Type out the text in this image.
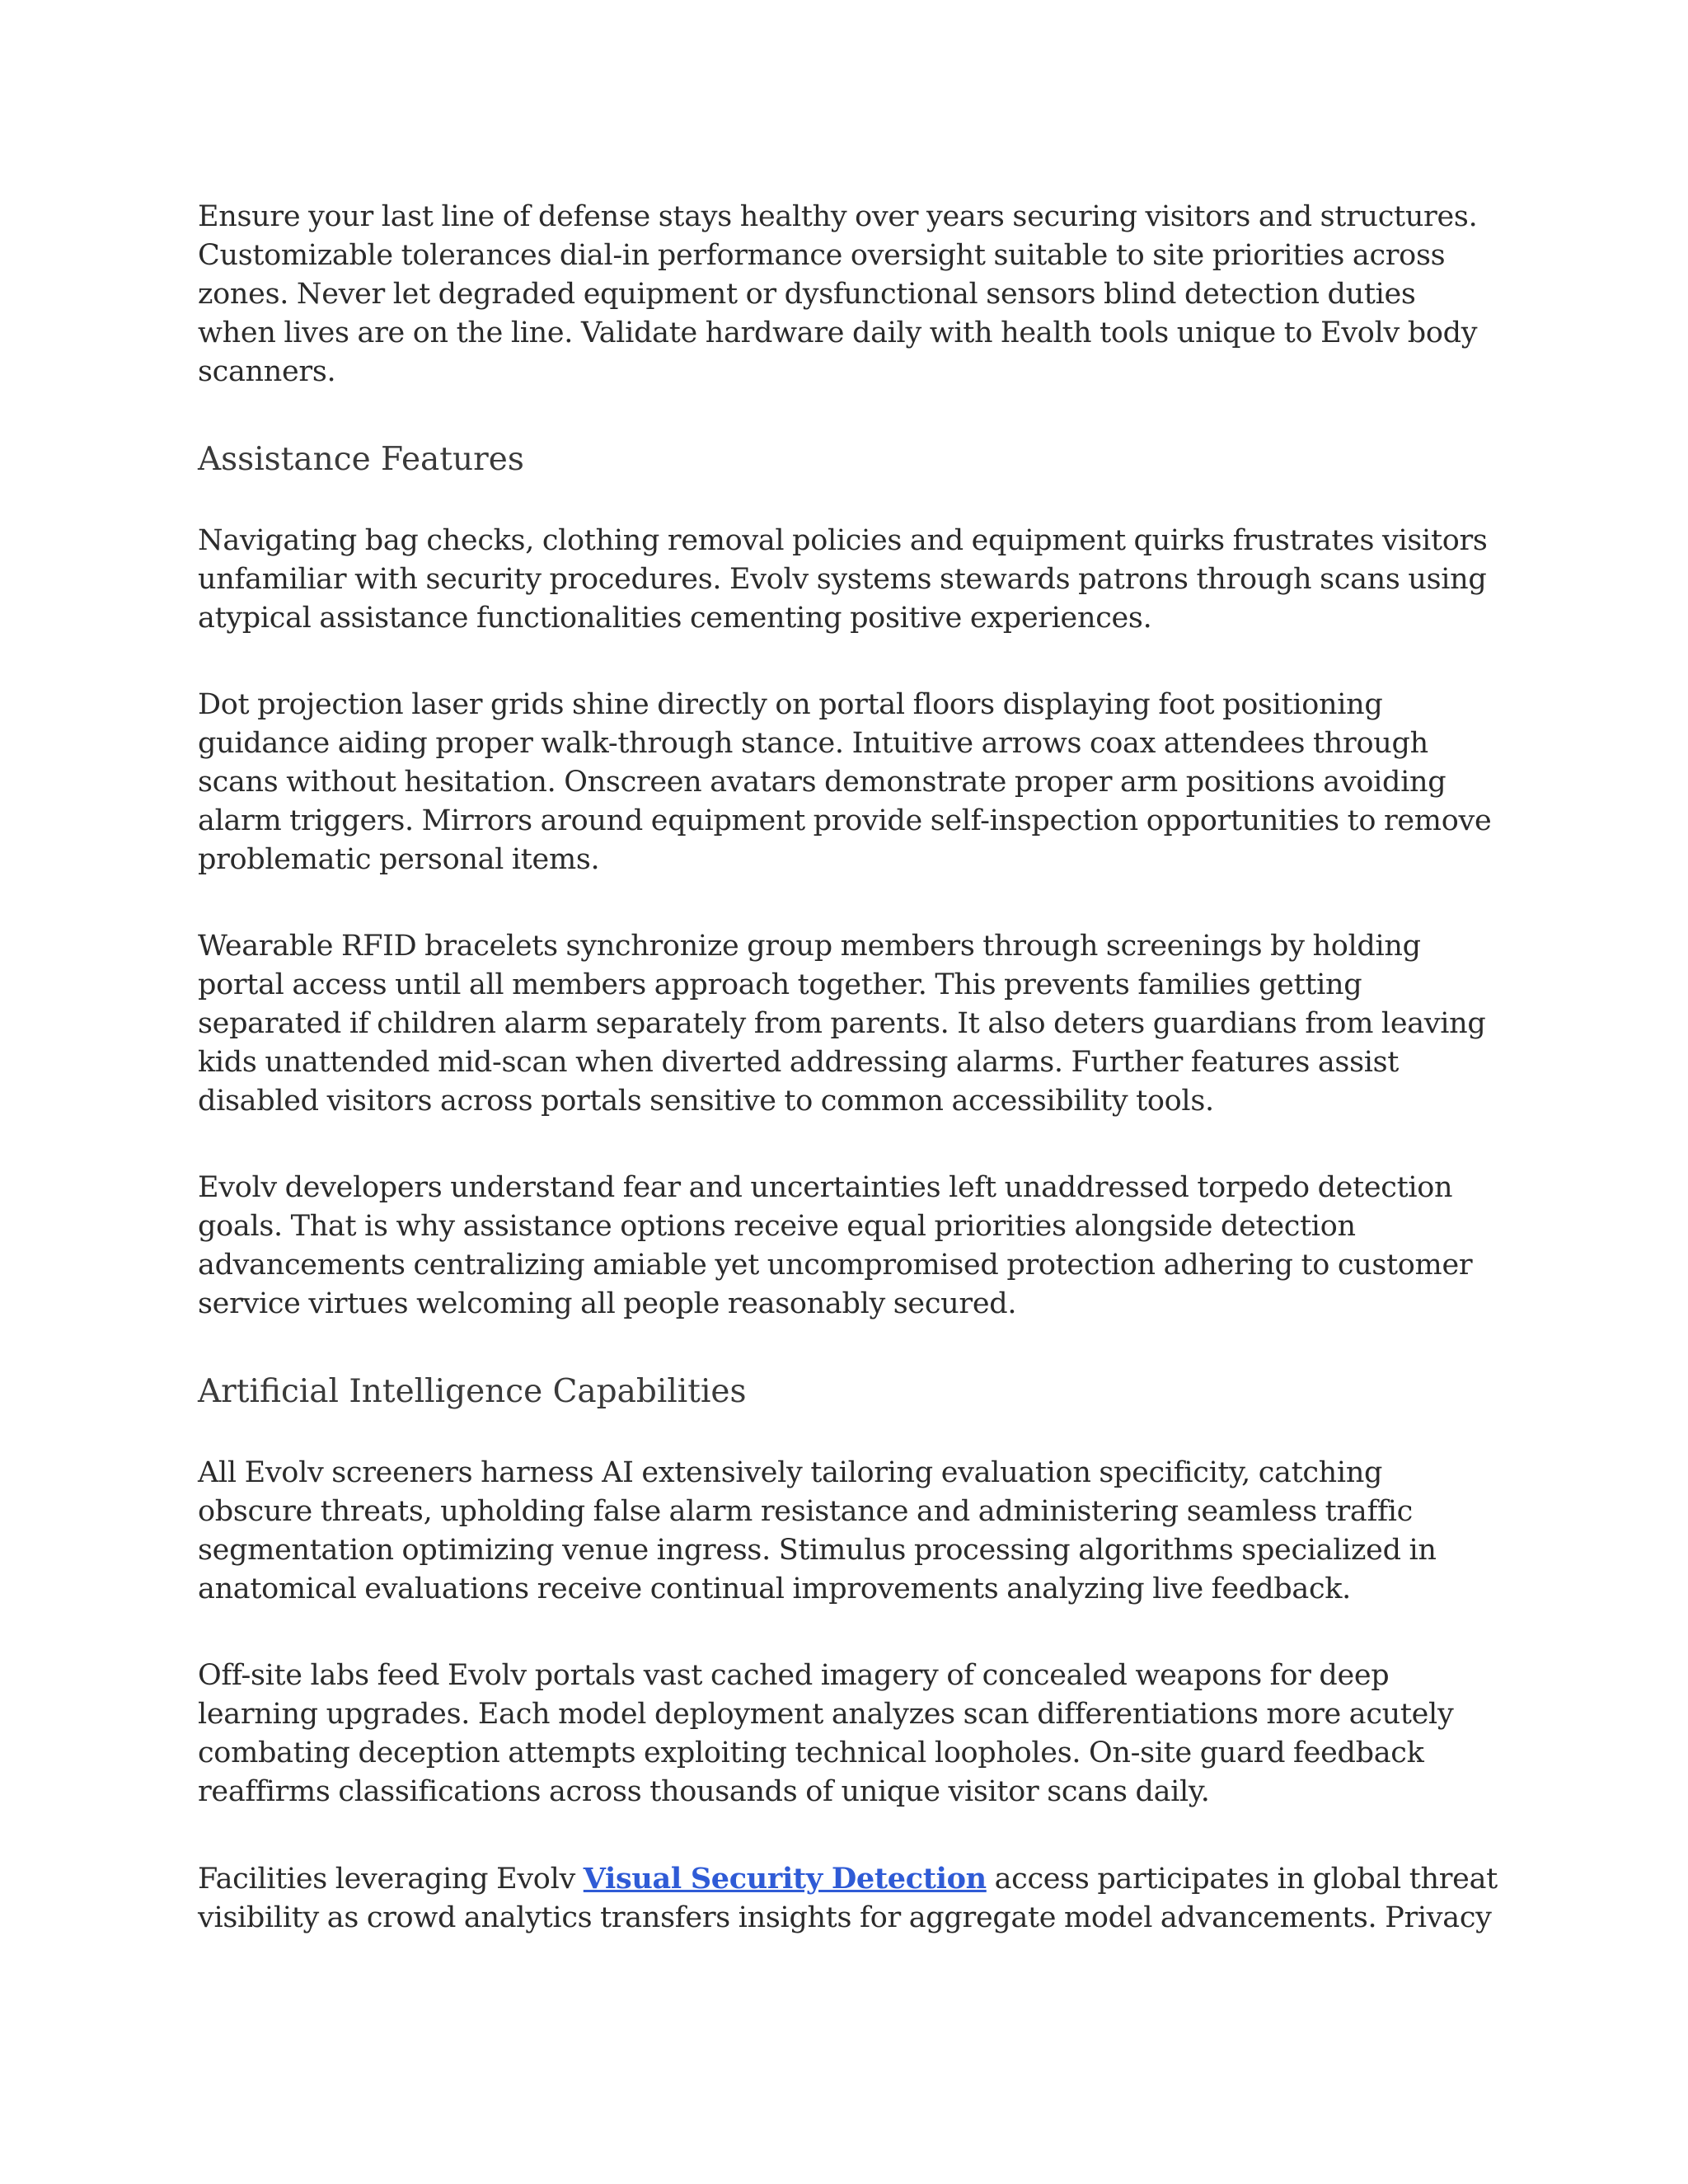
Ensure your last line of defense stays healthy over years securing visitors and structures. Customizable tolerances dial-in performance oversight suitable to site priorities across zones. Never let degraded equipment or dysfunctional sensors blind detection duties when lives are on the line. Validate hardware daily with health tools unique to Evolv body scanners.

Assistance Features

Navigating bag checks, clothing removal policies and equipment quirks frustrates visitors unfamiliar with security procedures. Evolv systems stewards patrons through scans using atypical assistance functionalities cementing positive experiences.

Dot projection laser grids shine directly on portal floors displaying foot positioning guidance aiding proper walk-through stance. Intuitive arrows coax attendees through scans without hesitation. Onscreen avatars demonstrate proper arm positions avoiding alarm triggers. Mirrors around equipment provide self-inspection opportunities to remove problematic personal items.

Wearable RFID bracelets synchronize group members through screenings by holding portal access until all members approach together. This prevents families getting separated if children alarm separately from parents. It also deters guardians from leaving kids unattended mid-scan when diverted addressing alarms. Further features assist disabled visitors across portals sensitive to common accessibility tools.

Evolv developers understand fear and uncertainties left unaddressed torpedo detection goals. That is why assistance options receive equal priorities alongside detection advancements centralizing amiable yet uncompromised protection adhering to customer service virtues welcoming all people reasonably secured.

Artificial Intelligence Capabilities

All Evolv screeners harness AI extensively tailoring evaluation specificity, catching obscure threats, upholding false alarm resistance and administering seamless traffic segmentation optimizing venue ingress. Stimulus processing algorithms specialized in anatomical evaluations receive continual improvements analyzing live feedback.

Off-site labs feed Evolv portals vast cached imagery of concealed weapons for deep learning upgrades. Each model deployment analyzes scan differentiations more acutely combating deception attempts exploiting technical loopholes. On-site guard feedback reaffirms classifications across thousands of unique visitor scans daily.

Facilities leveraging Evolv Visual Security Detection access participates in global threat visibility as crowd analytics transfers insights for aggregate model advancements. Privacy
